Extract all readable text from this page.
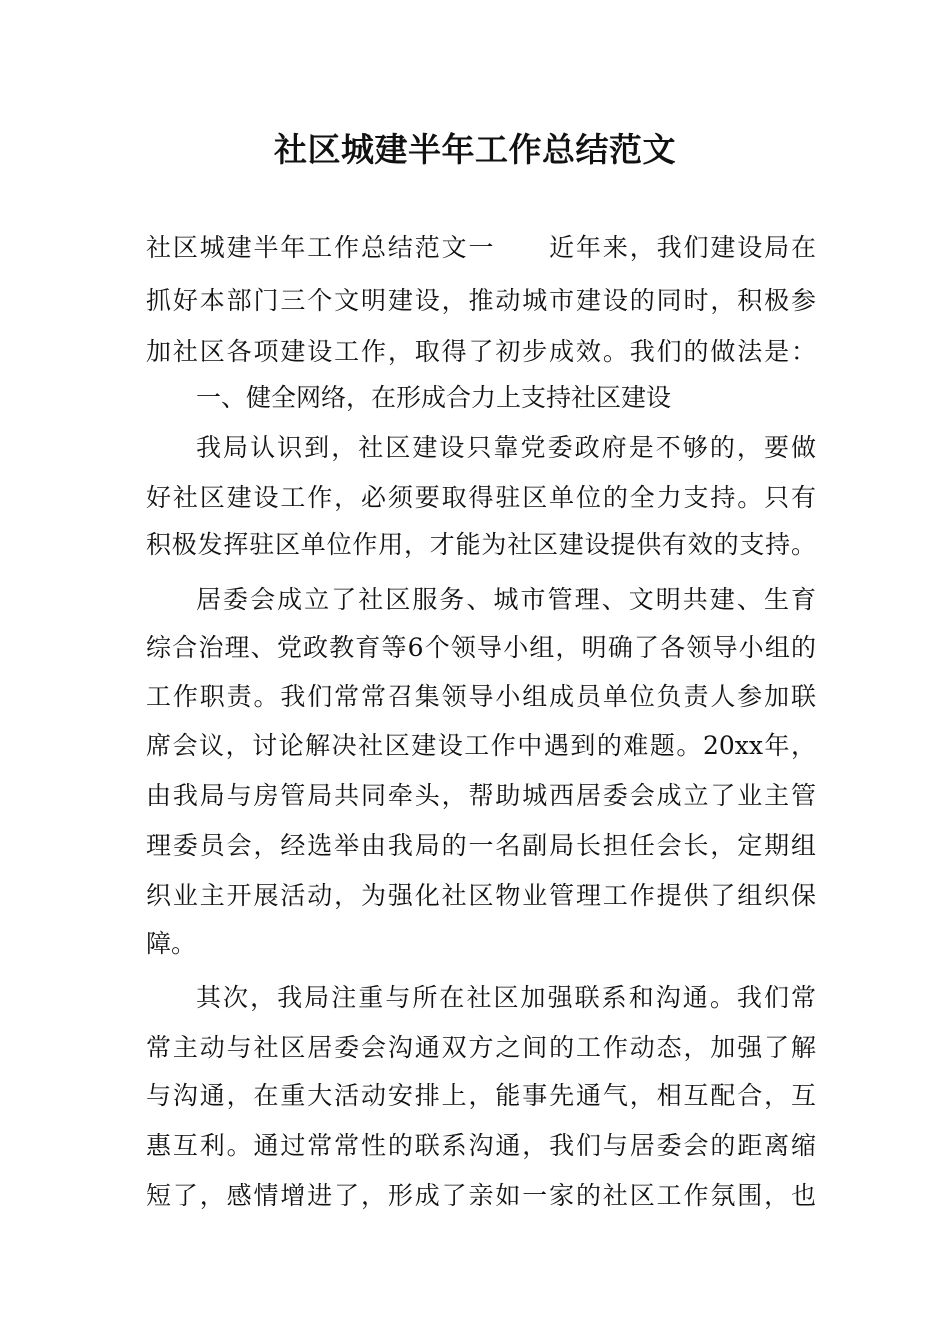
社区城建半年工作总结范文
社区城建半年工作总结范文一　　近年来，我们建设局在
抓好本部门三个文明建设，推动城市建设的同时，积极参
加社区各项建设工作，取得了初步成效。我们的做法是：
一、健全网络，在形成合力上支持社区建设
我局认识到，社区建设只靠党委政府是不够的，要做
好社区建设工作，必须要取得驻区单位的全力支持。只有
积极发挥驻区单位作用，才能为社区建设提供有效的支持。
居委会成立了社区服务、城市管理、文明共建、生育
综合治理、党政教育等6个领导小组，明确了各领导小组的
工作职责。我们常常召集领导小组成员单位负责人参加联
席会议，讨论解决社区建设工作中遇到的难题。20xx年，
由我局与房管局共同牵头，帮助城西居委会成立了业主管
理委员会，经选举由我局的一名副局长担任会长，定期组
织业主开展活动，为强化社区物业管理工作提供了组织保
障。
其次，我局注重与所在社区加强联系和沟通。我们常
常主动与社区居委会沟通双方之间的工作动态，加强了解
与沟通，在重大活动安排上，能事先通气，相互配合，互
惠互利。通过常常性的联系沟通，我们与居委会的距离缩
短了，感情增进了，形成了亲如一家的社区工作氛围，也
